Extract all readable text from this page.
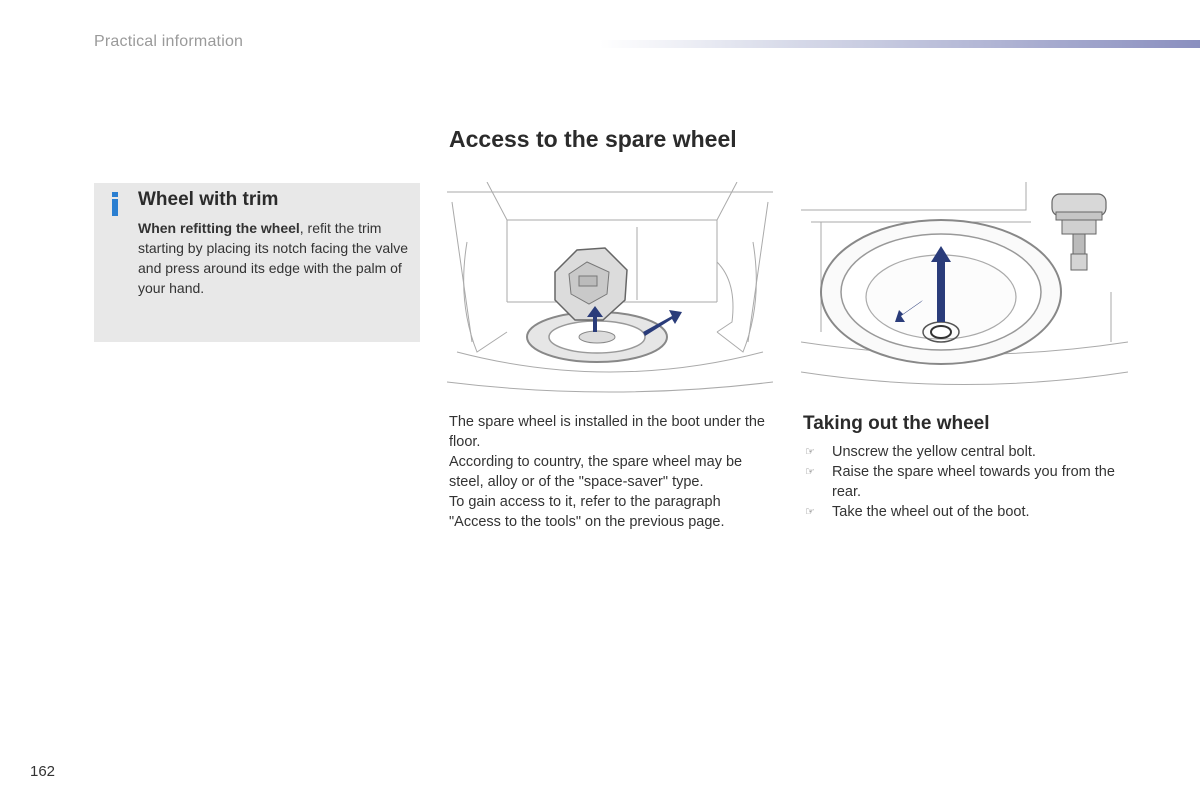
Practical information
Access to the spare wheel
Wheel with trim
When refitting the wheel, refit the trim starting by placing its notch facing the valve and press around its edge with the palm of your hand.

The spare wheel is installed in the boot under the floor.

According to country, the spare wheel may be steel, alloy or of the "space-saver" type.

To gain access to it, refer to the paragraph "Access to the tools" on the previous page.

Taking out the wheel
☞ Unscrew the yellow central bolt.
☞ Raise the spare wheel towards you from the rear.
☞ Take the wheel out of the boot.
162
